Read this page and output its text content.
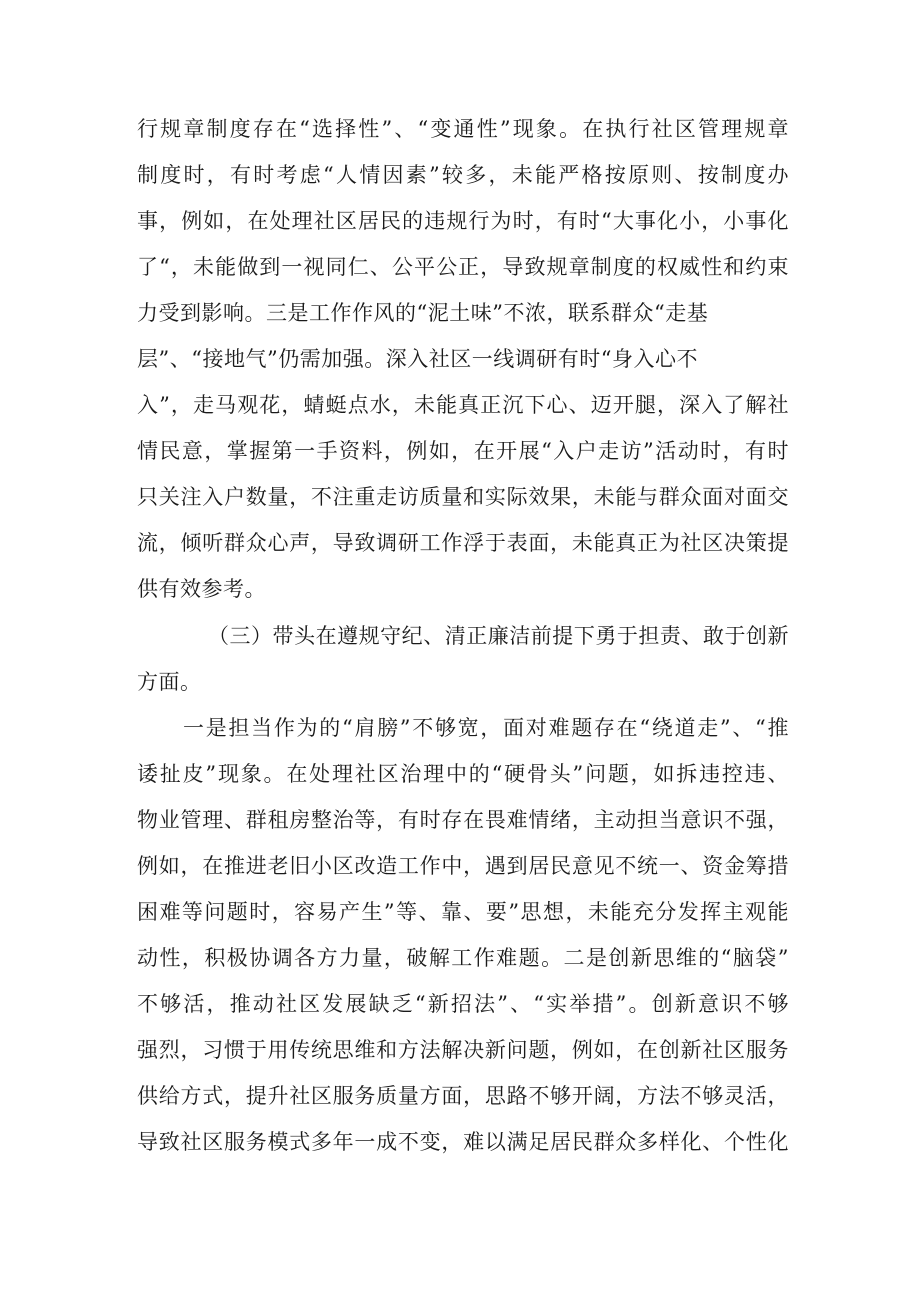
行规章制度存在“选择性”、“变通性”现象。在执行社区管理规章
制度时，有时考虑“人情因素”较多，未能严格按原则、按制度办
事，例如，在处理社区居民的违规行为时，有时“大事化小，小事化
了“，未能做到一视同仁、公平公正，导致规章制度的权威性和约束
力受到影响。三是工作作风的“泥土味”不浓，联系群众“走基
层”、“接地气”仍需加强。深入社区一线调研有时“身入心不
入”，走马观花，蜻蜓点水，未能真正沉下心、迈开腿，深入了解社
情民意，掌握第一手资料，例如，在开展“入户走访”活动时，有时
只关注入户数量，不注重走访质量和实际效果，未能与群众面对面交
流，倾听群众心声，导致调研工作浮于表面，未能真正为社区决策提
供有效参考。
（三）带头在遵规守纪、清正廉洁前提下勇于担责、敢于创新
方面。
一是担当作为的“肩膀”不够宽，面对难题存在“绕道走”、“推
诿扯皮”现象。在处理社区治理中的“硬骨头”问题，如拆违控违、
物业管理、群租房整治等，有时存在畏难情绪，主动担当意识不强，
例如，在推进老旧小区改造工作中，遇到居民意见不统一、资金筹措
困难等问题时，容易产生”等、靠、要”思想，未能充分发挥主观能
动性，积极协调各方力量，破解工作难题。二是创新思维的“脑袋”
不够活，推动社区发展缺乏“新招法”、“实举措”。创新意识不够
强烈，习惯于用传统思维和方法解决新问题，例如，在创新社区服务
供给方式，提升社区服务质量方面，思路不够开阔，方法不够灵活，
导致社区服务模式多年一成不变，难以满足居民群众多样化、个性化
